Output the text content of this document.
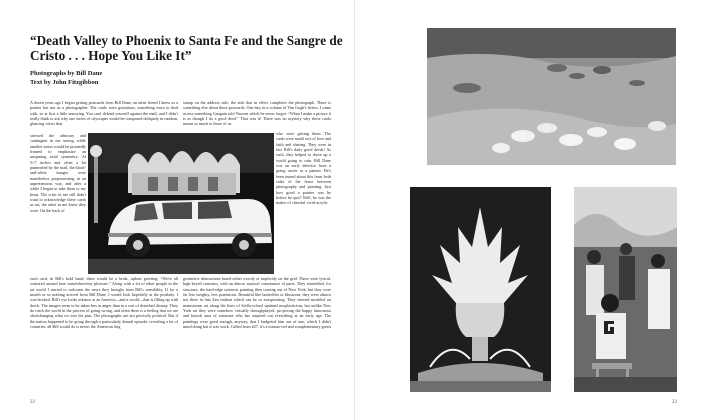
“Death Valley to Phoenix to Santa Fe and the Sangre de Cristo . . . Hope You Like It”
Photographs by Bill Dane
Text by John Fitzgibbon

A dozen years ago I began getting postcards from Bill Dane, an artist friend I knew as a painter but not as a photographer. The cards were gratuitous, something extra to deal with, so at first a little annoying. You can't defend yourself against the mail, and I didn't really think to ask why one series of cityscapes would be composed obliquely in random, glancing views that

stressed the arbitrary and contingent in our seeing, while another series would be pointedly framed to emphasize an unsparing axial symmetry. At 5×7 inches and often a bit pummeled by the mail, the black-and-white images were nonetheless prepossessing in an unpretentious way, and after a while I began to take them to my heart. The critic in me still didn't want to acknowledge these cards as art; the artist in me knew they were. On the back of

each card, in Bill's bold hand, there would be a brisk, upbeat greeting: “We're all scattered around here somewhere/my pleasure.” Along with a lot of other people in the art world I started to welcome the news they brought from Bill's sensibility. If for a month or so nothing arrived from Bill Dane, I would look hopefully at the postlady. I was hooked. Bill's eye looks askance at an America—and a world—that is filling up with dreck. The images seem to be taken less in anger than in a sort of detached dismay. They do catch the world in the process of going wrong, and often there is a feeling that we are shortchanging what we owe the past. The photographs are not precisely political. But if the nation happened to be going through a particularly dismal episode, revealing a lot of countries, all Bill would do is invert the American flag

stamp on the address side, the side that in effect completes the photograph. There is something else about these postcards. One day, in a volume of Van Gogh's letters, I came across something Gauguin told Vincent which he never forgot: “When I make a picture it is as though I do a good deed.” That was it! There was no mystery why these cards meant so much to those of us

who were getting them. The cards were small acts of love and faith and sharing. They were in fact Bill's daily good deeds! As such, they helped to shore up a world going to ruin. Bill Dane was an early defector from a going career as a painter. He's been teased about this from both sides of the fence between photography and painting. Just how good a painter was he before he quit? Well, he was the maker of cheerful vivid-acrylic

geometric abstractions based either overtly or implicitly on the grid. These were lyrical, high-keyed canvases, with an almost musical consonance of parts. They resembled, for structure, the hard-edge systemic painting then coming out of New York, but they were far less weighty, less portentous. Beautiful like butterflies or blossoms, they were almost not there in that Zen fashion which can be so exasperating. They seemed modeled on mainstream art along the lines of Stella-school updated neoplasticism, but unlike New York art they were somehow virtually throughplayed, projecting the happy innocuous and boyish aura of someone who has emptied out everything at an early age. The paintings were good enough, anyway, that I budgeted him out of one, which I didn't mind doing but it was work. Called from #27, it's a tomato-red and complementary green

22	23
